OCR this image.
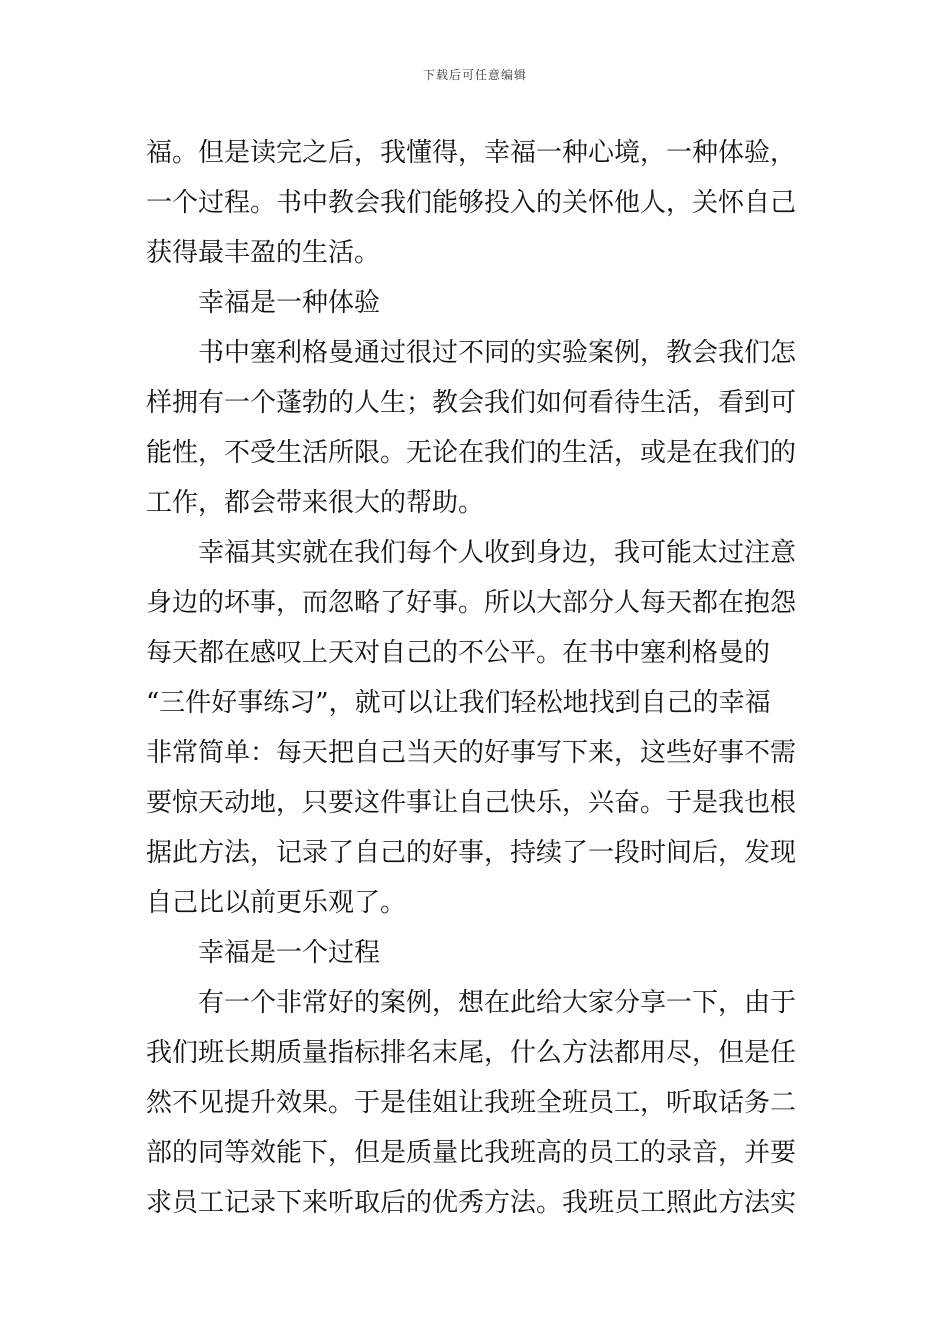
下载后可任意编辑
福。但是读完之后，我懂得，幸福一种心境，一种体验，
一个过程。书中教会我们能够投入的关怀他人，关怀自己
获得最丰盈的生活。
幸福是一种体验
书中塞利格曼通过很过不同的实验案例，教会我们怎
样拥有一个蓬勃的人生；教会我们如何看待生活，看到可
能性，不受生活所限。无论在我们的生活，或是在我们的
工作，都会带来很大的帮助。
幸福其实就在我们每个人收到身边，我可能太过注意
身边的坏事，而忽略了好事。所以大部分人每天都在抱怨
每天都在感叹上天对自己的不公平。在书中塞利格曼的
“三件好事练习”，就可以让我们轻松地找到自己的幸福
非常简单：每天把自己当天的好事写下来，这些好事不需
要惊天动地，只要这件事让自己快乐，兴奋。于是我也根
据此方法，记录了自己的好事，持续了一段时间后，发现
自己比以前更乐观了。
幸福是一个过程
有一个非常好的案例，想在此给大家分享一下，由于
我们班长期质量指标排名末尾，什么方法都用尽，但是任
然不见提升效果。于是佳姐让我班全班员工，听取话务二
部的同等效能下，但是质量比我班高的员工的录音，并要
求员工记录下来听取后的优秀方法。我班员工照此方法实
